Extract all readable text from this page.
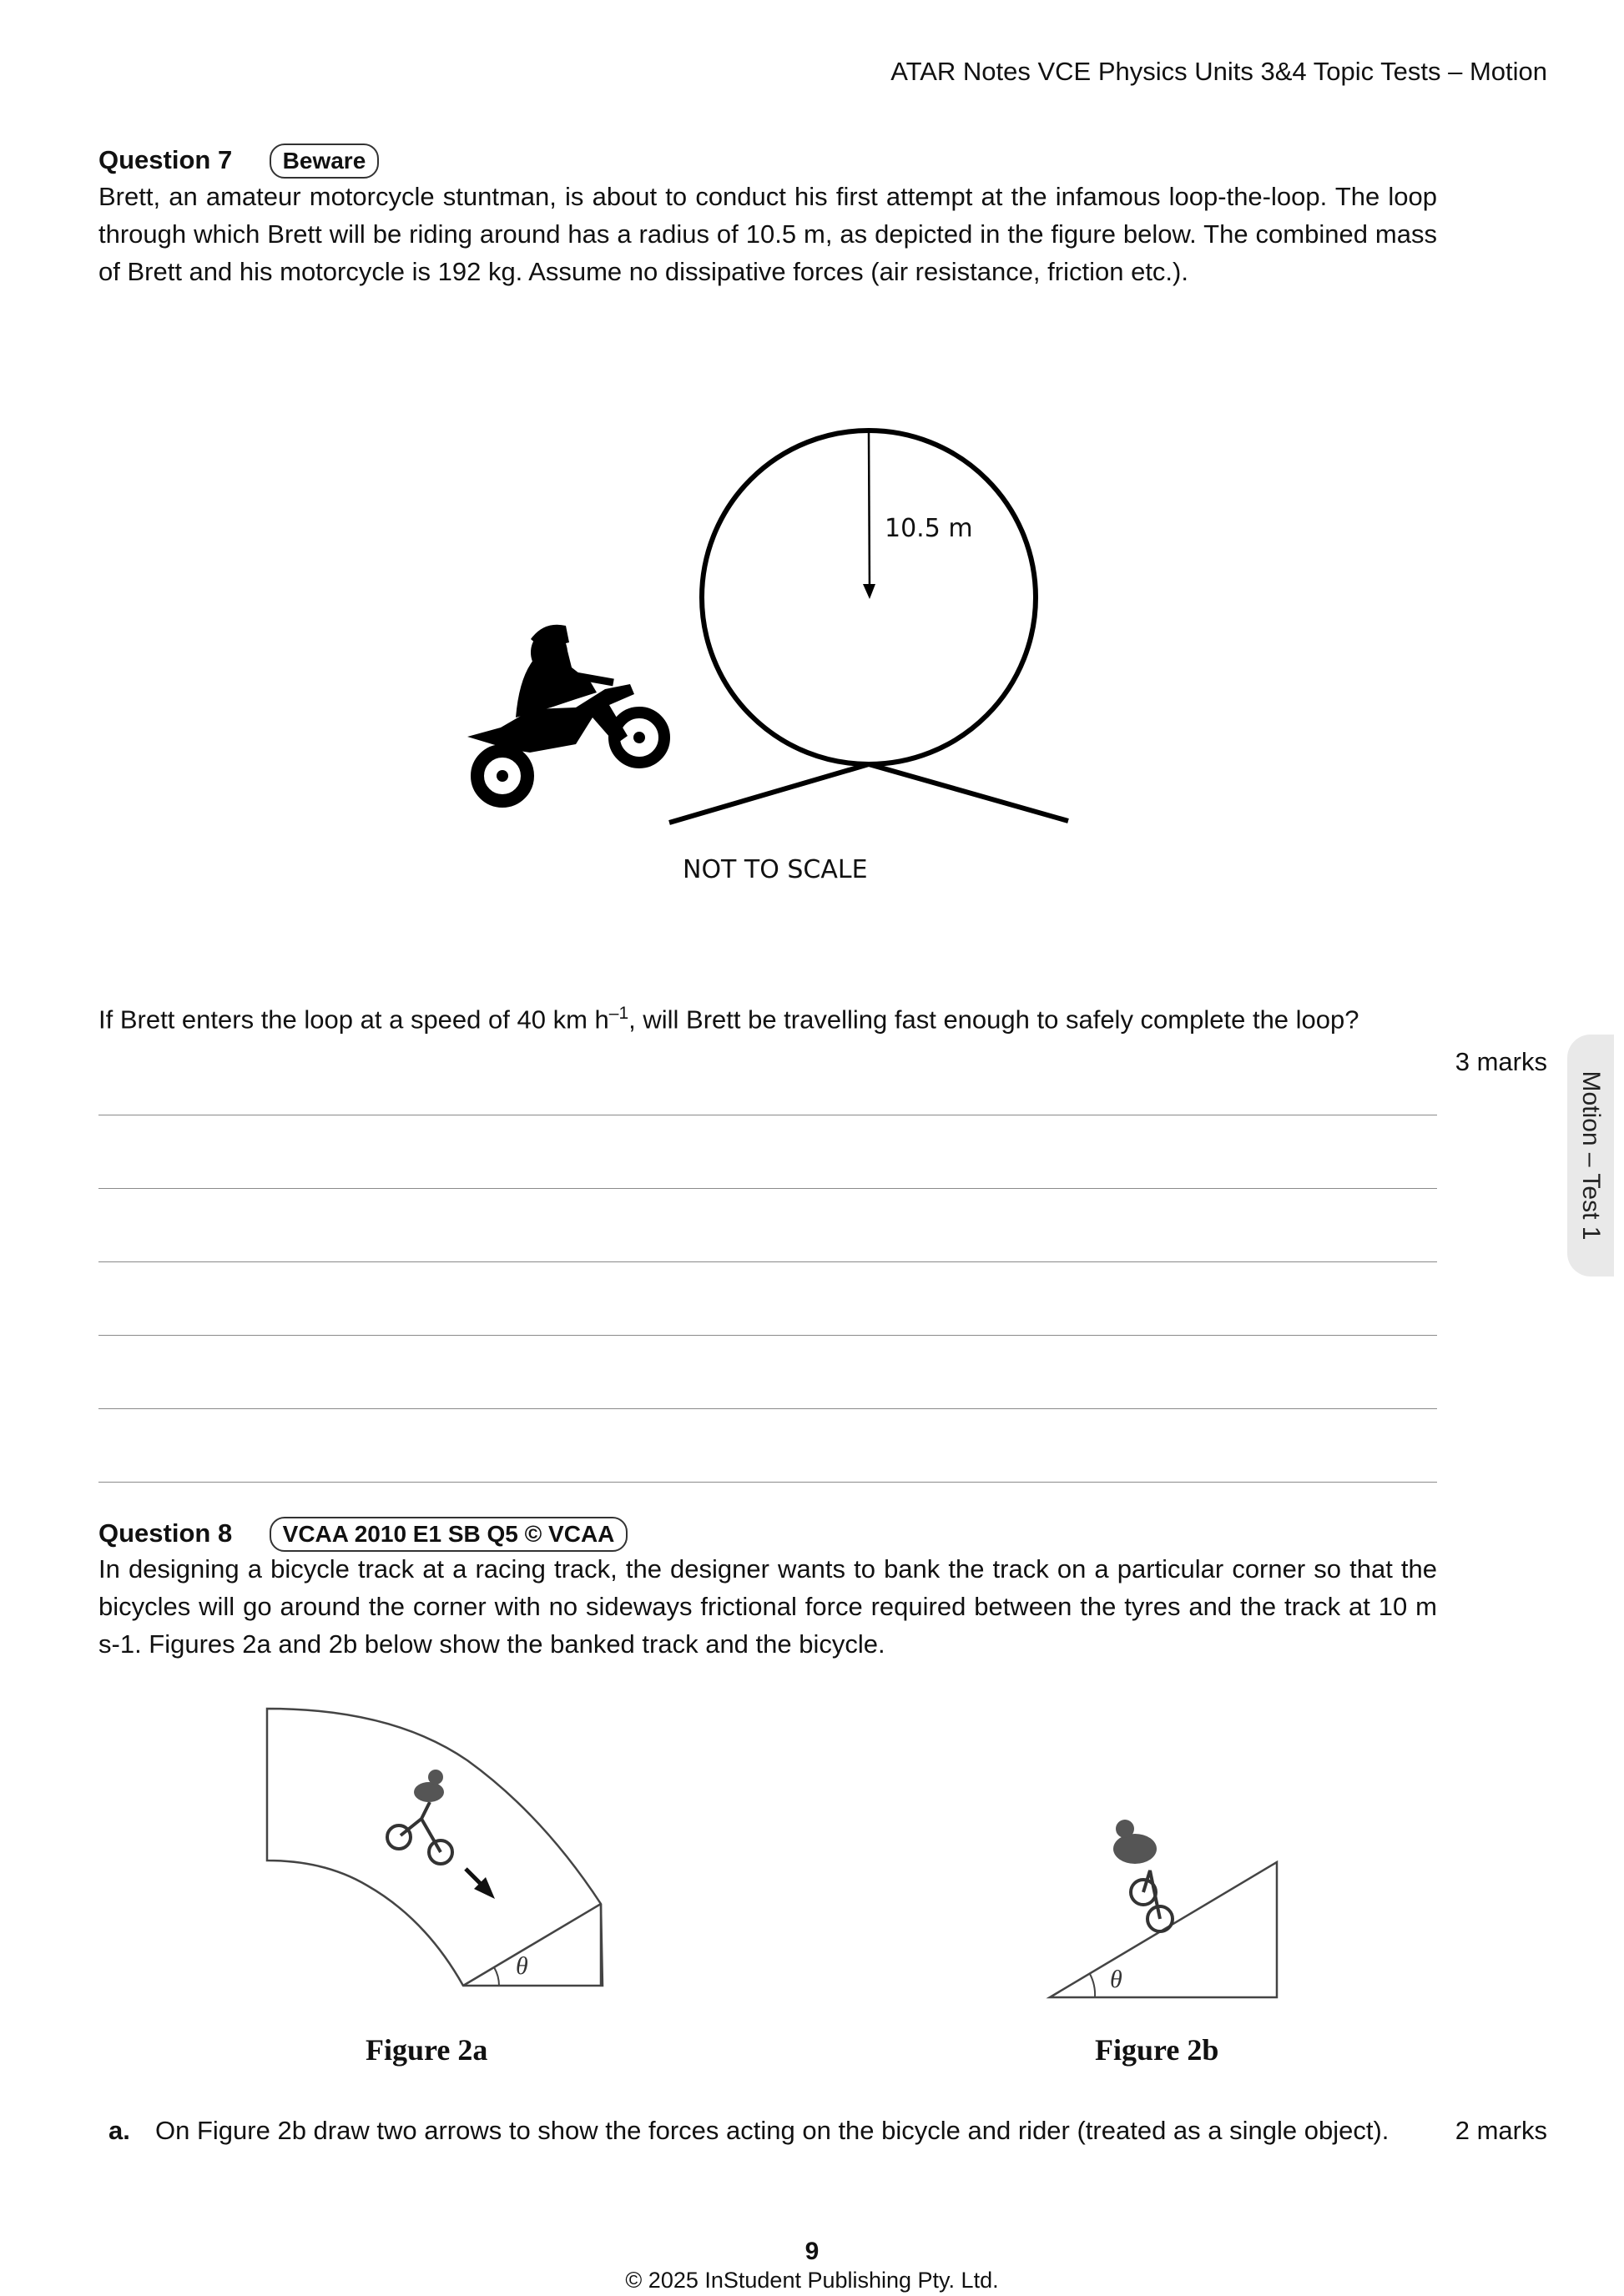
ATAR Notes VCE Physics Units 3&4 Topic Tests – Motion
Motion – Test 1
Question 7 Beware
Brett, an amateur motorcycle stuntman, is about to conduct his first attempt at the infamous loop-the-loop. The loop through which Brett will be riding around has a radius of 10.5 m, as depicted in the figure below. The combined mass of Brett and his motorcycle is 192 kg. Assume no dissipative forces (air resistance, friction etc.).
10.5 m
NOT TO SCALE
If Brett enters the loop at a speed of 40 km $h^{-1}$, will Brett be travelling fast enough to safely complete the loop?
3 marks
Question 8 VCAA 2010 E1 SB Q5 © VCAA
In designing a bicycle track at a racing track, the designer wants to bank the track on a particular corner so that the bicycles will go around the corner with no sideways frictional force required between the tyres and the track at 10 m s-1. Figures 2a and 2b below show the banked track and the bicycle.
θ
Figure 2a
θ
Figure 2b
a. On Figure 2b draw two arrows to show the forces acting on the bicycle and rider (treated as a single object).	2 marks
9
© 2025 InStudent Publishing Pty. Ltd.
